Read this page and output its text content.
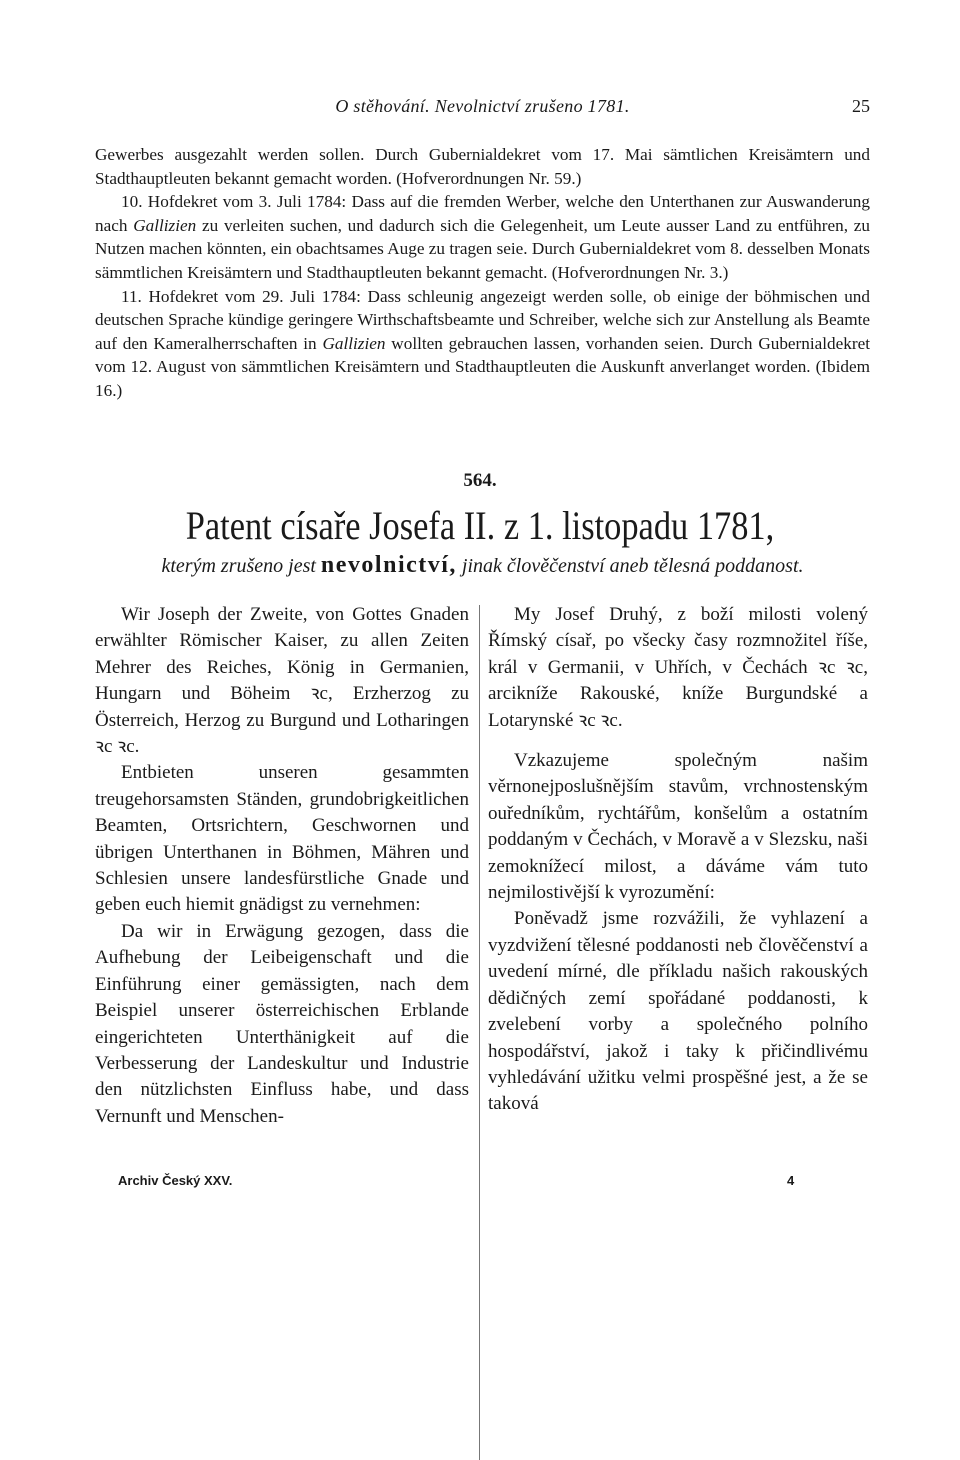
O stěhování. Nevolnictví zrušeno 1781.	25

Gewerbes ausgezahlt werden sollen. Durch Gubernialdekret vom 17. Mai sämtlichen Kreisämtern und Stadthauptleuten bekannt gemacht worden. (Hofverordnungen Nr. 59.)

10. Hofdekret vom 3. Juli 1784: Dass auf die fremden Werber, welche den Unterthanen zur Auswanderung nach Gallizien zu verleiten suchen, und dadurch sich die Gelegenheit, um Leute ausser Land zu entführen, zu Nutzen machen könnten, ein obachtsames Auge zu tragen seie. Durch Gubernialdekret vom 8. desselben Monats sämmtlichen Kreisämtern und Stadthauptleuten bekannt gemacht. (Hofverordnungen Nr. 3.)

11. Hofdekret vom 29. Juli 1784: Dass schleunig angezeigt werden solle, ob einige der böhmischen und deutschen Sprache kündige geringere Wirthschaftsbeamte und Schreiber, welche sich zur Anstellung als Beamte auf den Kameralherrschaften in Gallizien wollten gebrauchen lassen, vorhanden seien. Durch Gubernialdekret vom 12. August von sämmtlichen Kreisämtern und Stadthauptleuten die Auskunft anverlanget worden. (Ibidem 16.)

564.
Patent císaře Josefa II. z 1. listopadu 1781,
kterým zrušeno jest nevolnictví, jinak člověčenství aneb tělesná poddanost.

Wir Joseph der Zweite, von Gottes Gnaden erwählter Römischer Kaiser, zu allen Zeiten Mehrer des Reiches, König in Germanien, Hungarn und Böheim ꝛc, Erzherzog zu Österreich, Herzog zu Burgund und Lotharingen ꝛc ꝛc.

Entbieten unseren gesammten treugehorsamsten Ständen, grundobrigkeitlichen Beamten, Ortsrichtern, Geschwornen und übrigen Unterthanen in Böhmen, Mähren und Schlesien unsere landesfürstliche Gnade und geben euch hiemit gnädigst zu vernehmen:

Da wir in Erwägung gezogen, dass die Aufhebung der Leibeigenschaft und die Einführung einer gemässigten, nach dem Beispiel unserer österreichischen Erblande eingerichteten Unterthänigkeit auf die Verbesserung der Landeskultur und Industrie den nützlichsten Einfluss habe, und dass Vernunft und Menschen-

My Josef Druhý, z boží milosti volený Římský císař, po všecky časy rozmnožitel říše, král v Germanii, v Uhřích, v Čechách ꝛc ꝛc, arcikníže Rakouské, kníže Burgundské a Lotarynské ꝛc ꝛc.

Vzkazujeme společným našim věrnonejposlušnějším stavům, vrchnostenským ouředníkům, rychtářům, konšelům a ostatním poddaným v Čechách, v Moravě a v Slezsku, naši zemoknížecí milost, a dáváme vám tuto nejmilostivější k vyrozumění:

Poněvadž jsme rozvážili, že vyhlazení a vyzdvižení tělesné poddanosti neb člověčenství a uvedení mírné, dle příkladu našich rakouských dědičných zemí spořádané poddanosti, k zvelebení vorby a společného polního hospodářství, jakož i taky k přičindlivému vyhledávání užitku velmi prospěšné jest, a že se taková

Archiv Český XXV.	4
